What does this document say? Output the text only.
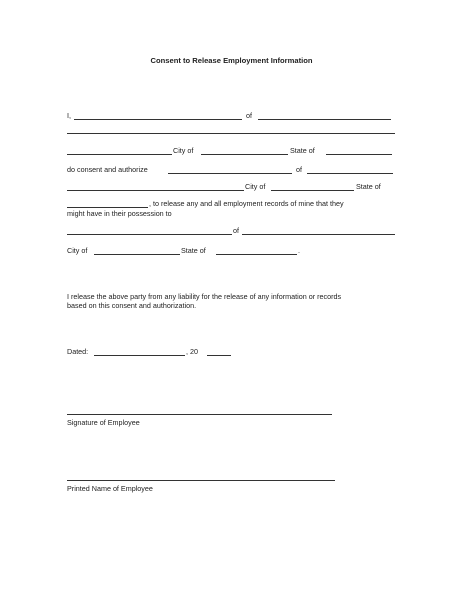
Consent to Release Employment Information
I,	of
City of	State of
do consent and authorize	of
City of	State of
, to release any and all employment records of mine that they
might have in their possession to
of
City of	State of	.
I release the above party from any liability for the release of any information or records
based on this consent and authorization.
Dated:	, 20
Signature of Employee
Printed Name of Employee
